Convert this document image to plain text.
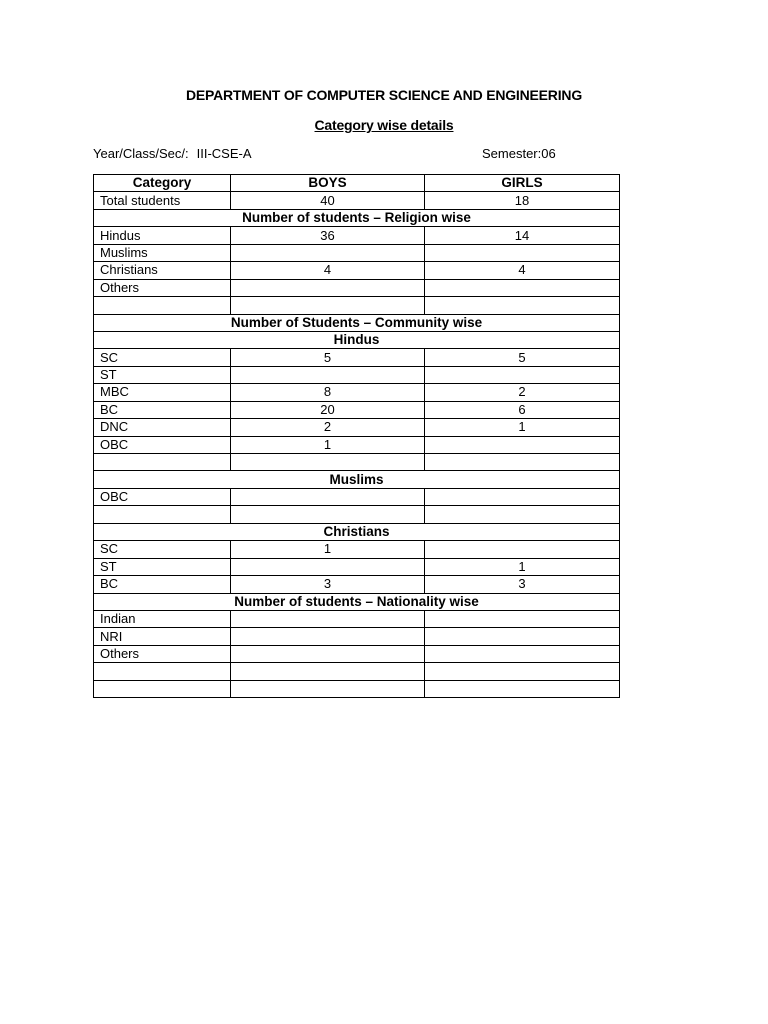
DEPARTMENT OF COMPUTER SCIENCE AND ENGINEERING
Category wise details
Year/Class/Sec/: III-CSE-A	Semester:06
Category	BOYS	GIRLS
Total students	40	18
Number of students – Religion wise		
Hindus	36	14
Muslims		
Christians	4	4
Others		

Number of Students – Community wise		
Hindus		
SC	5	5
ST		
MBC	8	2
BC	20	6
DNC	2	1
OBC	1	

Muslims		
OBC		

Christians		
SC	1	
ST		1
BC	3	3
Number of students – Nationality wise		
Indian		
NRI		
Others		
